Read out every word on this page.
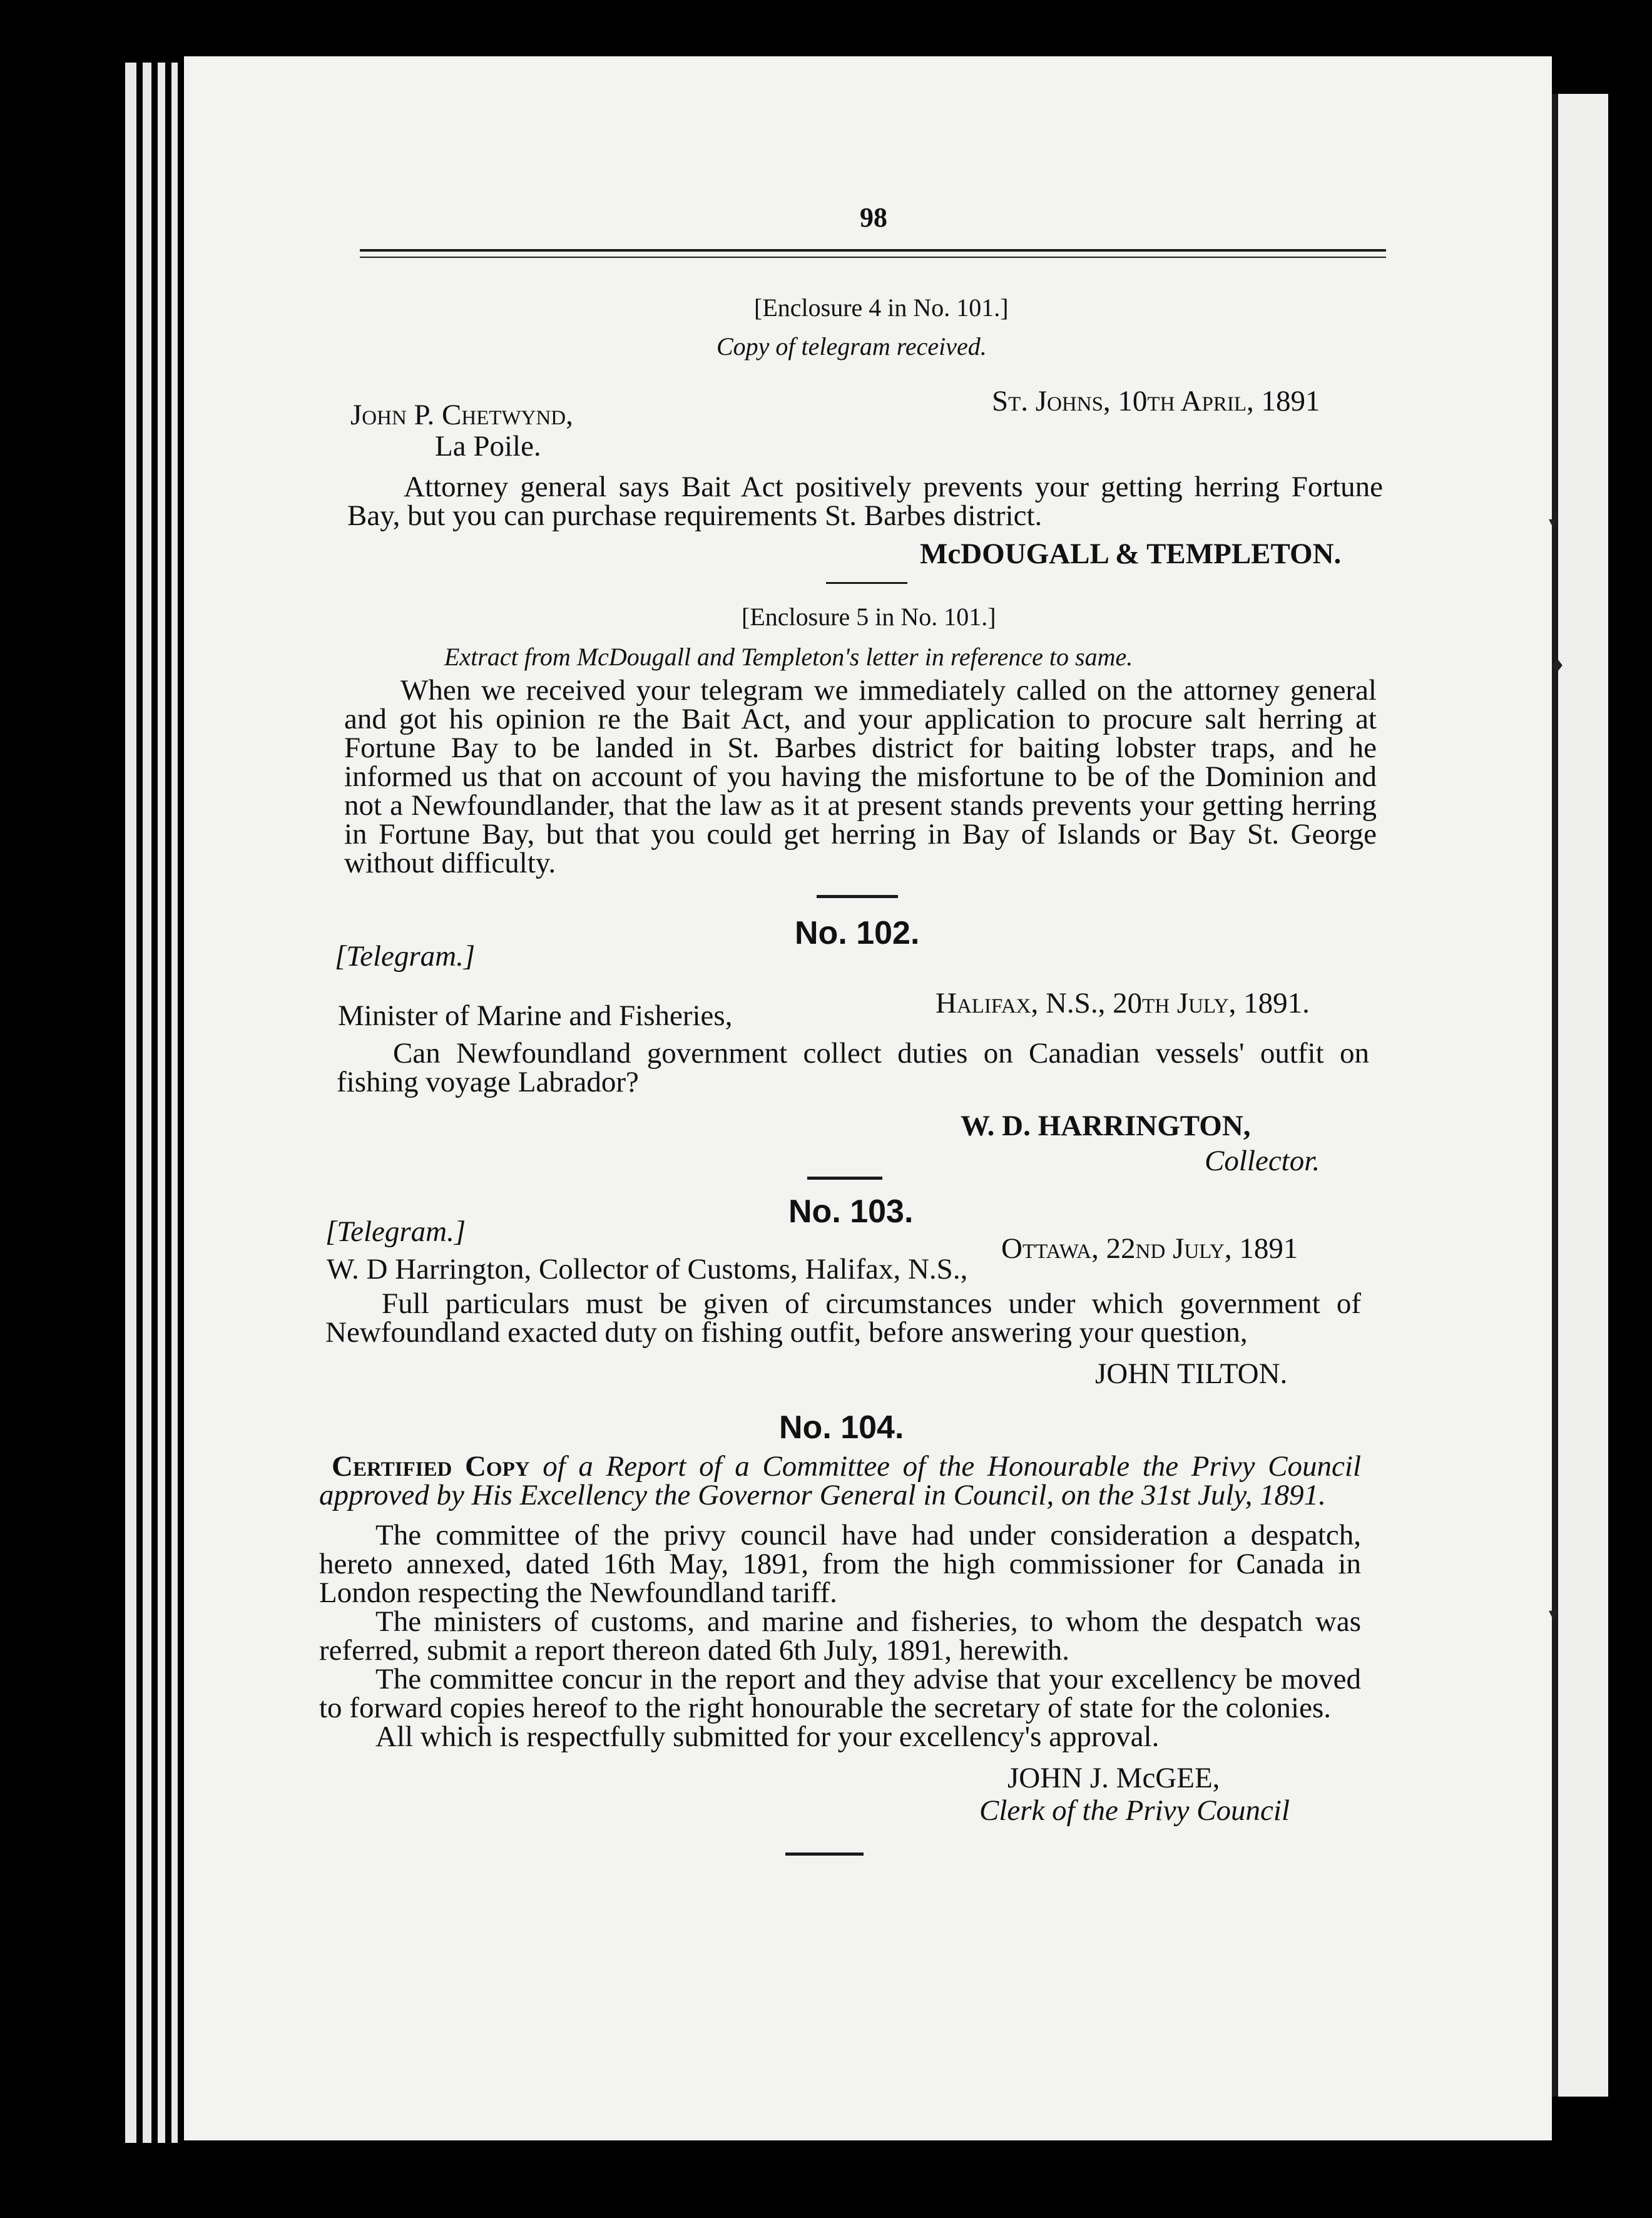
▾
♦
▾
98
[Enclosure 4 in No. 101.]
Copy of telegram received.
St. Johns, 10th April, 1891
John P. Chetwynd,
La Poile.

Attorney general says Bait Act positively prevents your getting herring Fortune Bay, but you can purchase requirements St. Barbes district.

McDOUGALL & TEMPLETON.
[Enclosure 5 in No. 101.]
Extract from McDougall and Templeton's letter in reference to same.

When we received your telegram we immediately called on the attorney general and got his opinion re the Bait Act, and your application to procure salt herring at Fortune Bay to be landed in St. Barbes district for baiting lobster traps, and he informed us that on account of you having the misfortune to be of the Dominion and not a Newfoundlander, that the law as it at present stands prevents your getting herring in Fortune Bay, but that you could get herring in Bay of Islands or Bay St. George without difficulty.

No. 102.
[Telegram.]
Halifax, N.S., 20th July, 1891.
Minister of Marine and Fisheries,

Can Newfoundland government collect duties on Canadian vessels' outfit on fishing voyage Labrador?

W. D. HARRINGTON,
Collector.
No. 103.
[Telegram.]
Ottawa, 22nd July, 1891
W. D Harrington, Collector of Customs, Halifax, N.S.,

Full particulars must be given of circumstances under which government of Newfoundland exacted duty on fishing outfit, before answering your question,

JOHN TILTON.
No. 104.

Certified Copy of a Report of a Committee of the Honourable the Privy Council approved by His Excellency the Governor General in Council, on the 31st July, 1891.

The committee of the privy council have had under consideration a despatch, hereto annexed, dated 16th May, 1891, from the high commissioner for Canada in London respecting the Newfoundland tariff.

The ministers of customs, and marine and fisheries, to whom the despatch was referred, submit a report thereon dated 6th July, 1891, herewith.

The committee concur in the report and they advise that your excellency be moved to forward copies hereof to the right honourable the secretary of state for the colonies.

All which is respectfully submitted for your excellency's approval.

JOHN J. McGEE,
Clerk of the Privy Council
